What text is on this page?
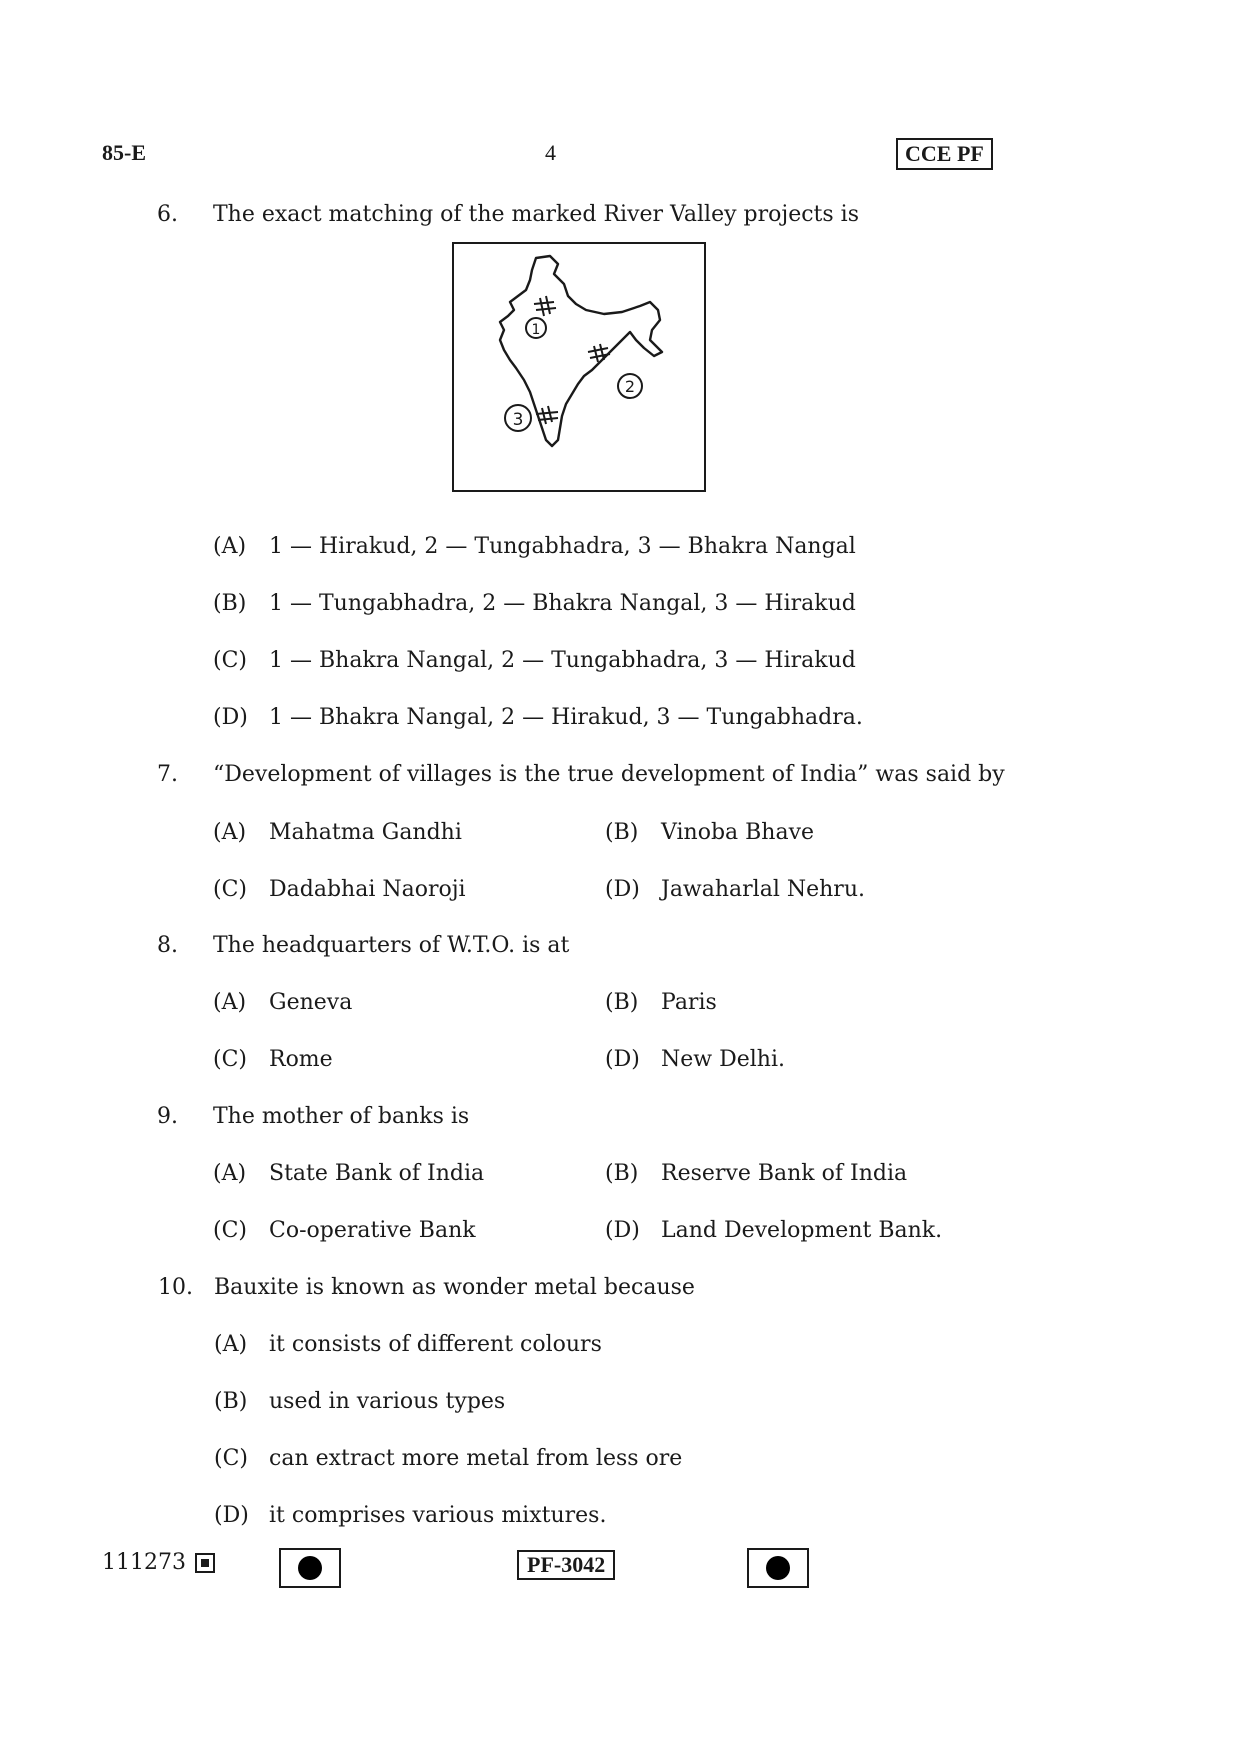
85-E	4	CCE PF
6. The exact matching of the marked River Valley projects is
1
2
3
(A) 1 — Hirakud, 2 — Tungabhadra, 3 — Bhakra Nangal
(B) 1 — Tungabhadra, 2 — Bhakra Nangal, 3 — Hirakud
(C) 1 — Bhakra Nangal, 2 — Tungabhadra, 3 — Hirakud
(D) 1 — Bhakra Nangal, 2 — Hirakud, 3 — Tungabhadra.
7. “Development of villages is the true development of India” was said by
(A) Mahatma Gandhi	(B) Vinoba Bhave
(C) Dadabhai Naoroji	(D) Jawaharlal Nehru.
8. The headquarters of W.T.O. is at
(A) Geneva	(B) Paris
(C) Rome	(D) New Delhi.
9. The mother of banks is
(A) State Bank of India	(B) Reserve Bank of India
(C) Co-operative Bank	(D) Land Development Bank.
10. Bauxite is known as wonder metal because
(A) it consists of different colours
(B) used in various types
(C) can extract more metal from less ore
(D) it comprises various mixtures.
111273	PF-3042
